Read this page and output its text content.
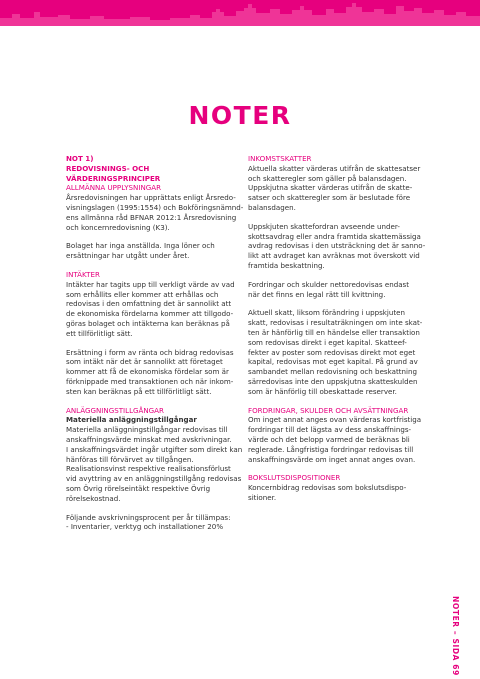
NOTER
NOT 1)
REDOVISNINGS- OCH VÄRDERINGSPRINCIPER
ALLMÄNNA UPPLYSNINGAR

Årsredovisningen har upprättats enligt Årsredo-
visningslagen (1995:1554) och Bokföringsnämnd-
ens allmänna råd BFNAR 2012:1 Årsredovisning
och koncernredovisning (K3).

Bolaget har inga anställda. Inga löner och
ersättningar har utgått under året.

INTÄKTER

Intäkter har tagits upp till verkligt värde av vad
som erhållits eller kommer att erhållas och
redovisas i den omfattning det är sannolikt att
de ekonomiska fördelarna kommer att tillgodo-
göras bolaget och intäkterna kan beräknas på
ett tillförlitligt sätt.

Ersättning i form av ränta och bidrag redovisas
som intäkt när det är sannolikt att företaget
kommer att få de ekonomiska fördelar som är
förknippade med transaktionen och när inkom-
sten kan beräknas på ett tillförlitligt sätt.

ANLÄGGNINGSTILLGÅNGAR
Materiella anläggningstillgångar

Materiella anläggningstillgångar redovisas till
anskaffningsvärde minskat med avskrivningar.
I anskaffningsvärdet ingår utgifter som direkt kan
hänföras till förvärvet av tillgången.
Realisationsvinst respektive realisationsförlust
vid avyttring av en anläggningstillgång redovisas
som Övrig rörelseintäkt respektive Övrig
rörelsekostnad.

Följande avskrivningsprocent per år tillämpas:
- Inventarier, verktyg och installationer 20%

INKOMSTSKATTER

Aktuella skatter värderas utifrån de skattesatser
och skatteregler som gäller på balansdagen.
Uppskjutna skatter värderas utifrån de skatte-
satser och skatteregler som är beslutade före
balansdagen.

Uppskjuten skattefordran avseende under-
skottsavdrag eller andra framtida skattemässiga
avdrag redovisas i den utsträckning det är sanno-
likt att avdraget kan avräknas mot överskott vid
framtida beskattning.

Fordringar och skulder nettoredovisas endast
när det finns en legal rätt till kvittning.

Aktuell skatt, liksom förändring i uppskjuten
skatt, redovisas i resultaträkningen om inte skat-
ten är hänförlig till en händelse eller transaktion
som redovisas direkt i eget kapital. Skatteef-
fekter av poster som redovisas direkt mot eget
kapital, redovisas mot eget kapital. På grund av
sambandet mellan redovisning och beskattning
särredovisas inte den uppskjutna skatteskulden
som är hänförlig till obeskattade reserver.

FORDRINGAR, SKULDER OCH AVSÄTTNINGAR

Om inget annat anges ovan värderas kortfristiga
fordringar till det lägsta av dess anskaffnings-
värde och det belopp varmed de beräknas bli
reglerade. Långfristiga fordringar redovisas till
anskaffningsvärde om inget annat anges ovan.

BOKSLUTSDISPOSITIONER

Koncernbidrag redovisas som bokslutsdispo-
sitioner.

NOTER – SIDA 69
